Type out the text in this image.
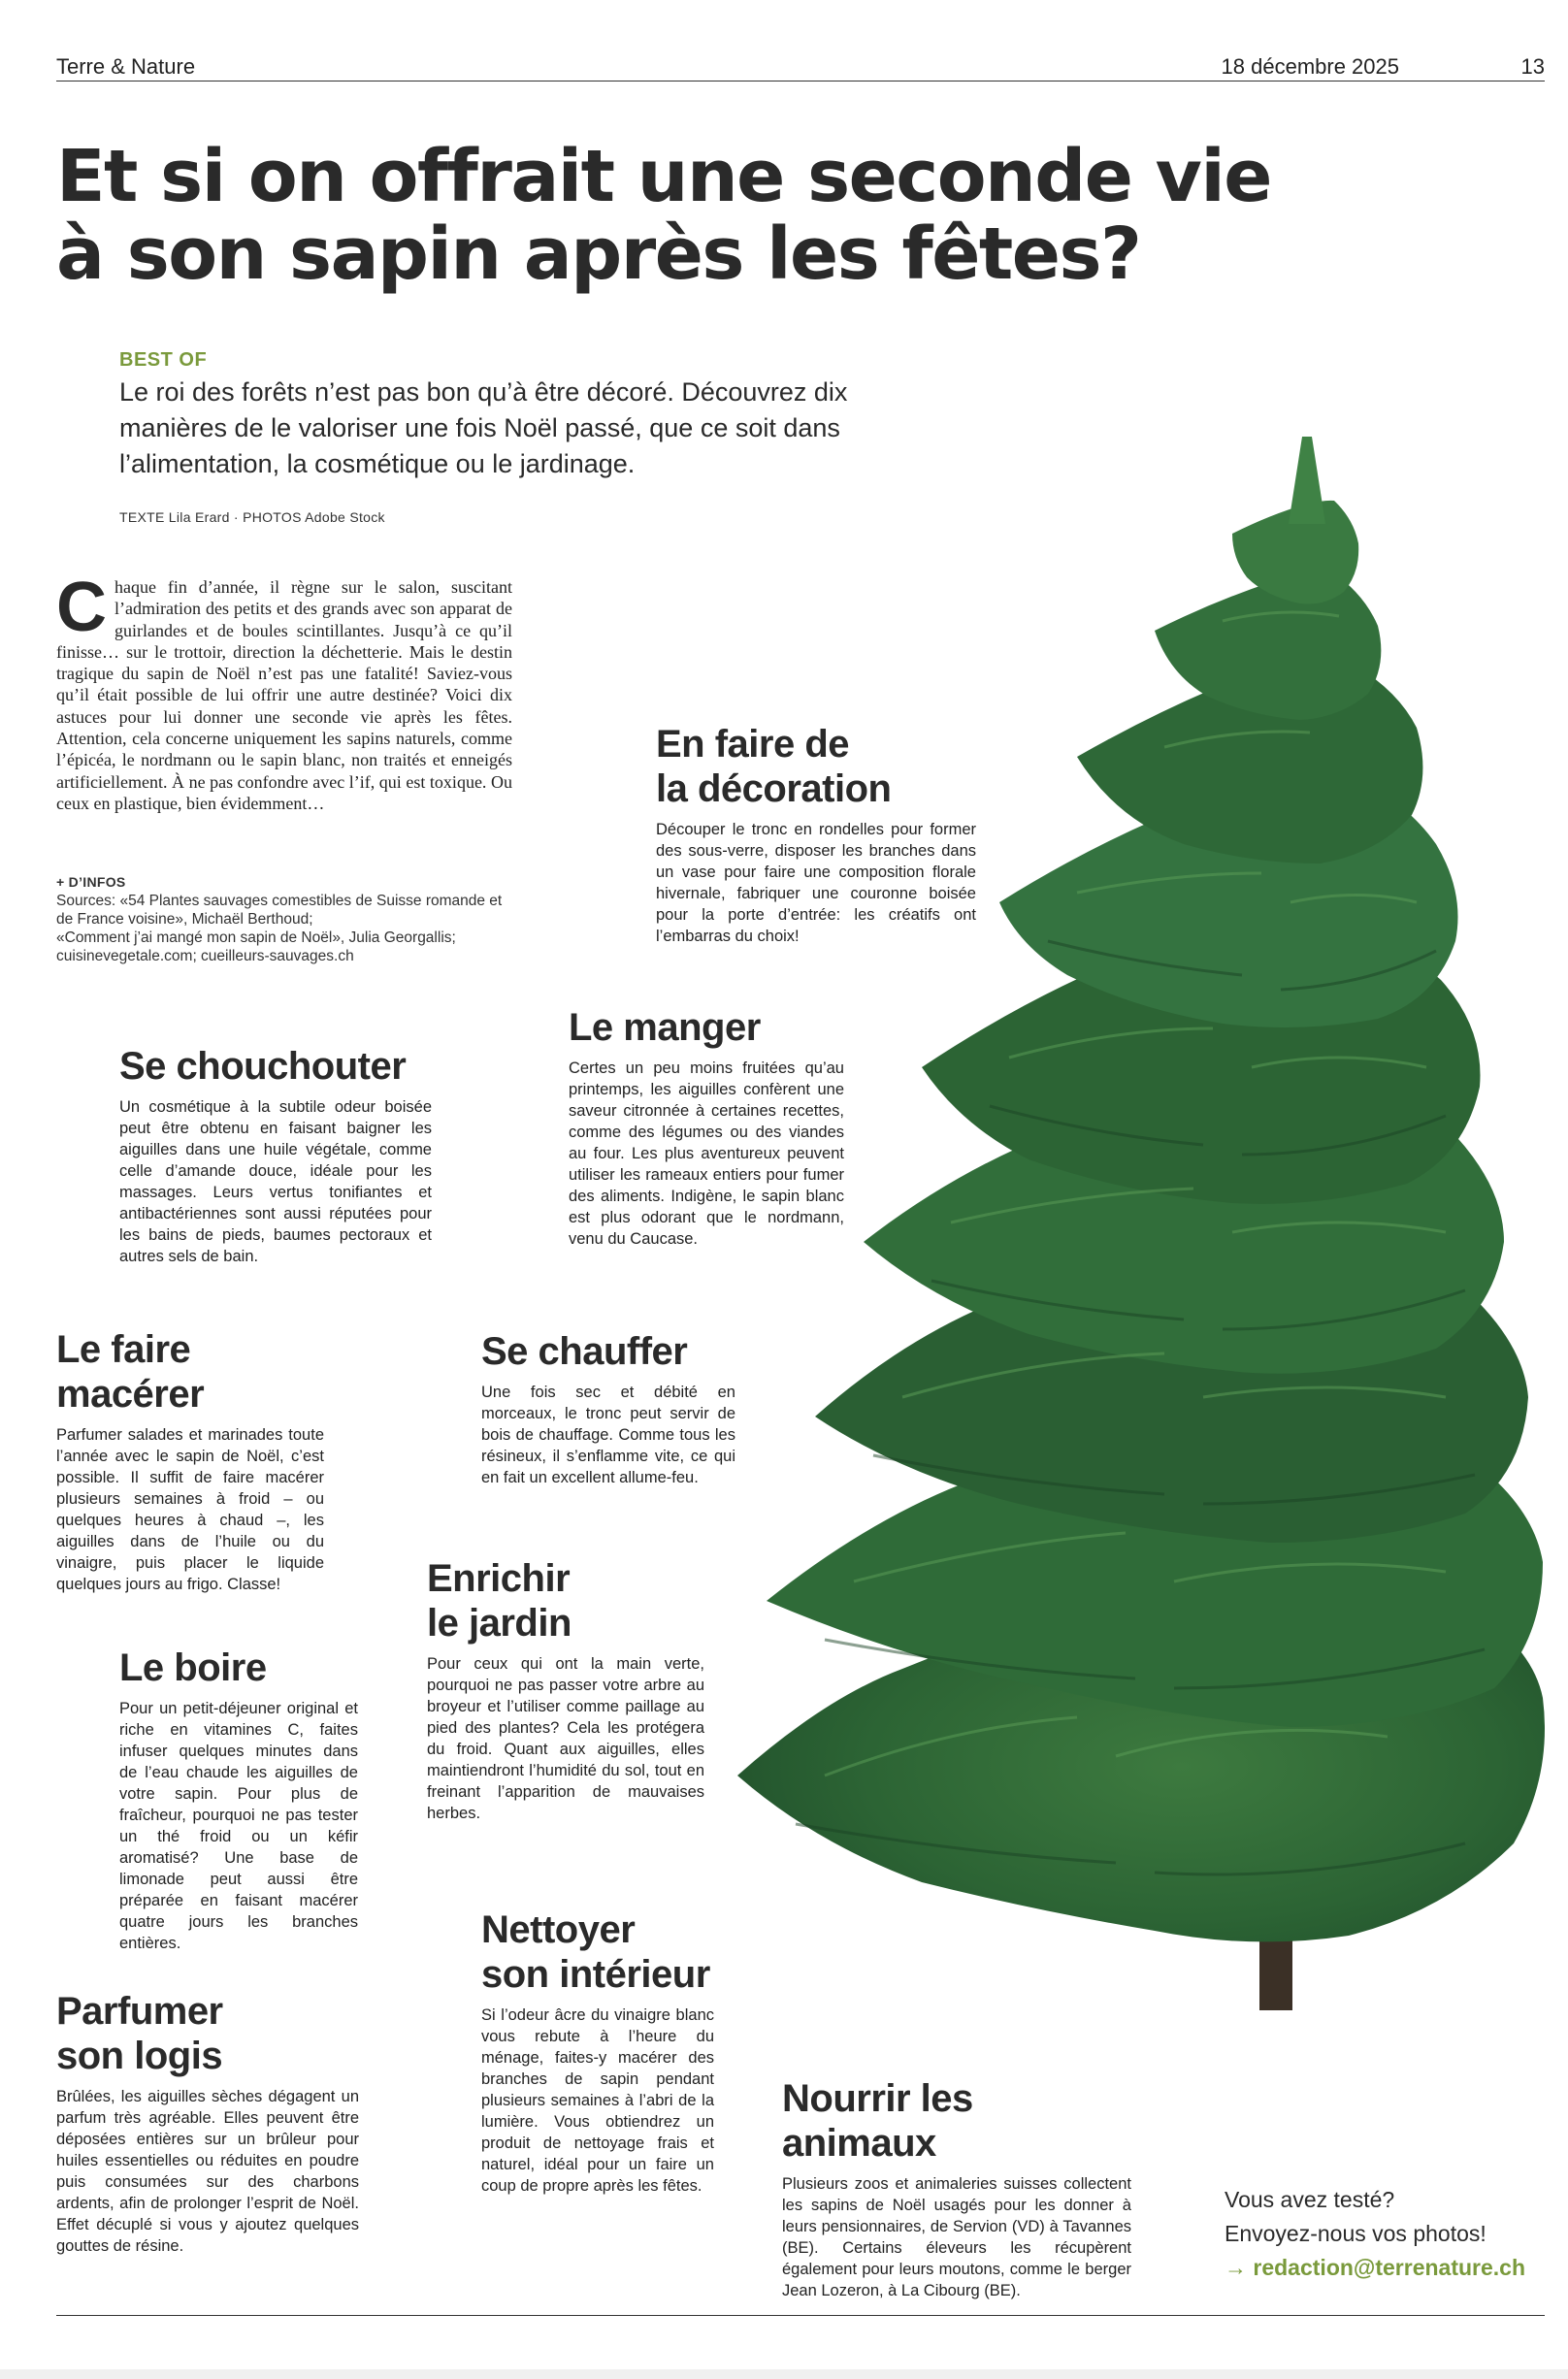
Terre & Nature	18 décembre 2025	13
Et si on offrait une seconde vie
à son sapin après les fêtes?
BEST OF

Le roi des forêts n’est pas bon qu’à être décoré. Découvrez dix manières de le valoriser une fois Noël passé, que ce soit dans l’alimentation, la cosmétique ou le jardinage.

TEXTE Lila Erard · PHOTOS Adobe Stock
Chaque fin d’année, il règne sur le salon, suscitant l’admiration des petits et des grands avec son apparat de guirlandes et de boules scintillantes. Jusqu’à ce qu’il finisse… sur le trottoir, direction la déchetterie. Mais le destin tragique du sapin de Noël n’est pas une fatalité! Saviez-vous qu’il était possible de lui offrir une autre destinée? Voici dix astuces pour lui donner une seconde vie après les fêtes. Attention, cela concerne uniquement les sapins naturels, comme l’épicéa, le nordmann ou le sapin blanc, non traités et enneigés artificiellement. À ne pas confondre avec l’if, qui est toxique. Ou ceux en plastique, bien évidemment…
+ D’INFOS
Sources: «54 Plantes sauvages comestibles de Suisse romande et de France voisine», Michaël Berthoud;
«Comment j’ai mangé mon sapin de Noël», Julia Georgallis;
cuisinevegetale.com; cueilleurs-sauvages.ch
En faire de
la décoration

Découper le tronc en rondelles pour former des sous-verre, disposer les branches dans un vase pour faire une composition florale hivernale, fabriquer une couronne boisée pour la porte d’entrée: les créatifs ont l’embarras du choix!

Le manger

Certes un peu moins fruitées qu’au printemps, les aiguilles confèrent une saveur citronnée à certaines recettes, comme des légumes ou des viandes au four. Les plus aventureux peuvent utiliser les rameaux entiers pour fumer des aliments. Indigène, le sapin blanc est plus odorant que le nordmann, venu du Caucase.

Se chouchouter

Un cosmétique à la subtile odeur boisée peut être obtenu en faisant baigner les aiguilles dans une huile végétale, comme celle d’amande douce, idéale pour les massages. Leurs vertus tonifiantes et antibactériennes sont aussi réputées pour les bains de pieds, baumes pectoraux et autres sels de bain.

Le faire
macérer

Parfumer salades et marinades toute l’année avec le sapin de Noël, c’est possible. Il suffit de faire macérer plusieurs semaines à froid – ou quelques heures à chaud –, les aiguilles dans de l’huile ou du vinaigre, puis placer le liquide quelques jours au frigo. Classe!

Se chauffer

Une fois sec et débité en morceaux, le tronc peut servir de bois de chauffage. Comme tous les résineux, il s’enflamme vite, ce qui en fait un excellent allume-feu.

Enrichir
le jardin

Pour ceux qui ont la main verte, pourquoi ne pas passer votre arbre au broyeur et l’utiliser comme paillage au pied des plantes? Cela les protégera du froid. Quant aux aiguilles, elles maintiendront l’humidité du sol, tout en freinant l’apparition de mauvaises herbes.

Le boire

Pour un petit-déjeuner original et riche en vitamines C, faites infuser quelques minutes dans de l’eau chaude les aiguilles de votre sapin. Pour plus de fraîcheur, pourquoi ne pas tester un thé froid ou un kéfir aromatisé? Une base de limonade peut aussi être préparée en faisant macérer quatre jours les branches entières.	Nettoyer
son intérieur

Si l’odeur âcre du vinaigre blanc vous rebute à l’heure du ménage, faites-y macérer des branches de sapin pendant plusieurs semaines à l’abri de la lumière. Vous obtiendrez un produit de nettoyage frais et naturel, idéal pour un faire un coup de propre après les fêtes.

Parfumer
son logis

Brûlées, les aiguilles sèches dégagent un parfum très agréable. Elles peuvent être déposées entières sur un brûleur pour huiles essentielles ou réduites en poudre puis consumées sur des charbons ardents, afin de prolonger l’esprit de Noël. Effet décuplé si vous y ajoutez quelques gouttes de résine.

Nourrir les animaux

Plusieurs zoos et animaleries suisses collectent les sapins de Noël usagés pour les donner à leurs pensionnaires, de Servion (VD) à Tavannes (BE). Certains éleveurs les récupèrent également pour leurs moutons, comme le berger Jean Lozeron, à La Cibourg (BE).

Vous avez testé?
Envoyez-nous vos photos!
→ redaction@terrenature.ch
